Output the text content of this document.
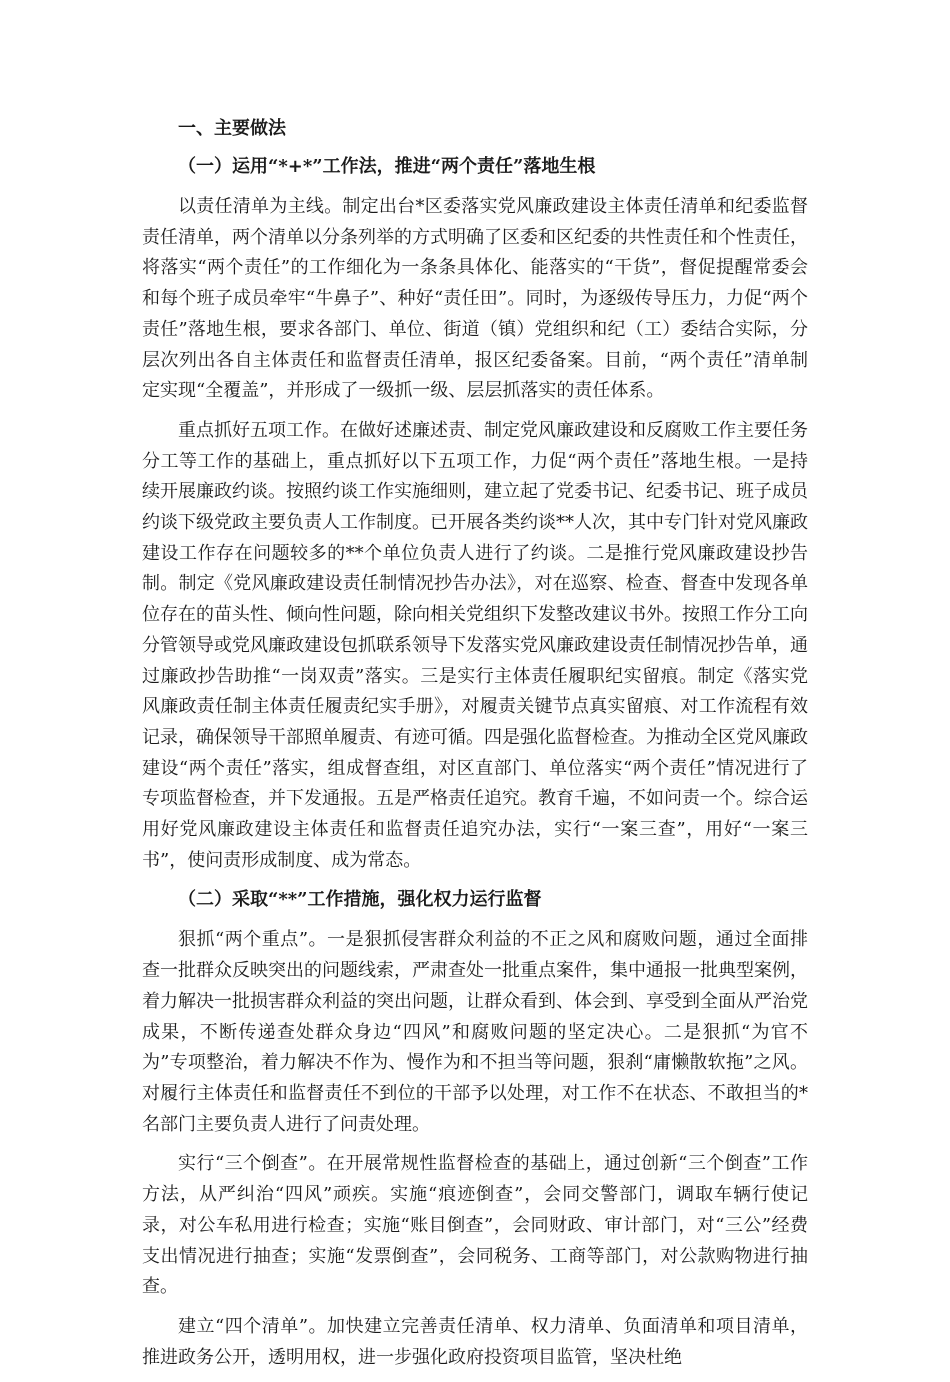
一、主要做法
（一）运用“*+*”工作法，推进“两个责任”落地生根

以责任清单为主线。制定出台*区委落实党风廉政建设主体责任清单和纪委监督责任清单，两个清单以分条列举的方式明确了区委和区纪委的共性责任和个性责任，将落实“两个责任”的工作细化为一条条具体化、能落实的“干货”，督促提醒常委会和每个班子成员牵牢“牛鼻子”、种好“责任田”。同时，为逐级传导压力，力促“两个责任”落地生根，要求各部门、单位、街道（镇）党组织和纪（工）委结合实际，分层次列出各自主体责任和监督责任清单，报区纪委备案。目前，“两个责任”清单制定实现“全覆盖”，并形成了一级抓一级、层层抓落实的责任体系。

重点抓好五项工作。在做好述廉述责、制定党风廉政建设和反腐败工作主要任务分工等工作的基础上，重点抓好以下五项工作，力促“两个责任”落地生根。一是持续开展廉政约谈。按照约谈工作实施细则，建立起了党委书记、纪委书记、班子成员约谈下级党政主要负责人工作制度。已开展各类约谈**人次，其中专门针对党风廉政建设工作存在问题较多的**个单位负责人进行了约谈。二是推行党风廉政建设抄告制。制定《党风廉政建设责任制情况抄告办法》，对在巡察、检查、督查中发现各单位存在的苗头性、倾向性问题，除向相关党组织下发整改建议书外。按照工作分工向分管领导或党风廉政建设包抓联系领导下发落实党风廉政建设责任制情况抄告单，通过廉政抄告助推“一岗双责”落实。三是实行主体责任履职纪实留痕。制定《落实党风廉政责任制主体责任履责纪实手册》，对履责关键节点真实留痕、对工作流程有效记录，确保领导干部照单履责、有迹可循。四是强化监督检查。为推动全区党风廉政建设“两个责任”落实，组成督查组，对区直部门、单位落实“两个责任”情况进行了专项监督检查，并下发通报。五是严格责任追究。教育千遍，不如问责一个。综合运用好党风廉政建设主体责任和监督责任追究办法，实行“一案三查”，用好“一案三书”，使问责形成制度、成为常态。

（二）采取“**”工作措施，强化权力运行监督

狠抓“两个重点”。一是狠抓侵害群众利益的不正之风和腐败问题，通过全面排查一批群众反映突出的问题线索，严肃查处一批重点案件，集中通报一批典型案例，着力解决一批损害群众利益的突出问题，让群众看到、体会到、享受到全面从严治党成果，不断传递查处群众身边“四风”和腐败问题的坚定决心。二是狠抓“为官不为”专项整治，着力解决不作为、慢作为和不担当等问题，狠刹“庸懒散软拖”之风。对履行主体责任和监督责任不到位的干部予以处理，对工作不在状态、不敢担当的*名部门主要负责人进行了问责处理。

实行“三个倒查”。在开展常规性监督检查的基础上，通过创新“三个倒查”工作方法，从严纠治“四风”顽疾。实施“痕迹倒查”，会同交警部门，调取车辆行使记录，对公车私用进行检查；实施“账目倒查”，会同财政、审计部门，对“三公”经费支出情况进行抽查；实施“发票倒查”，会同税务、工商等部门，对公款购物进行抽查。

建立“四个清单”。加快建立完善责任清单、权力清单、负面清单和项目清单，推进政务公开，透明用权，进一步强化政府投资项目监管，坚决杜绝
